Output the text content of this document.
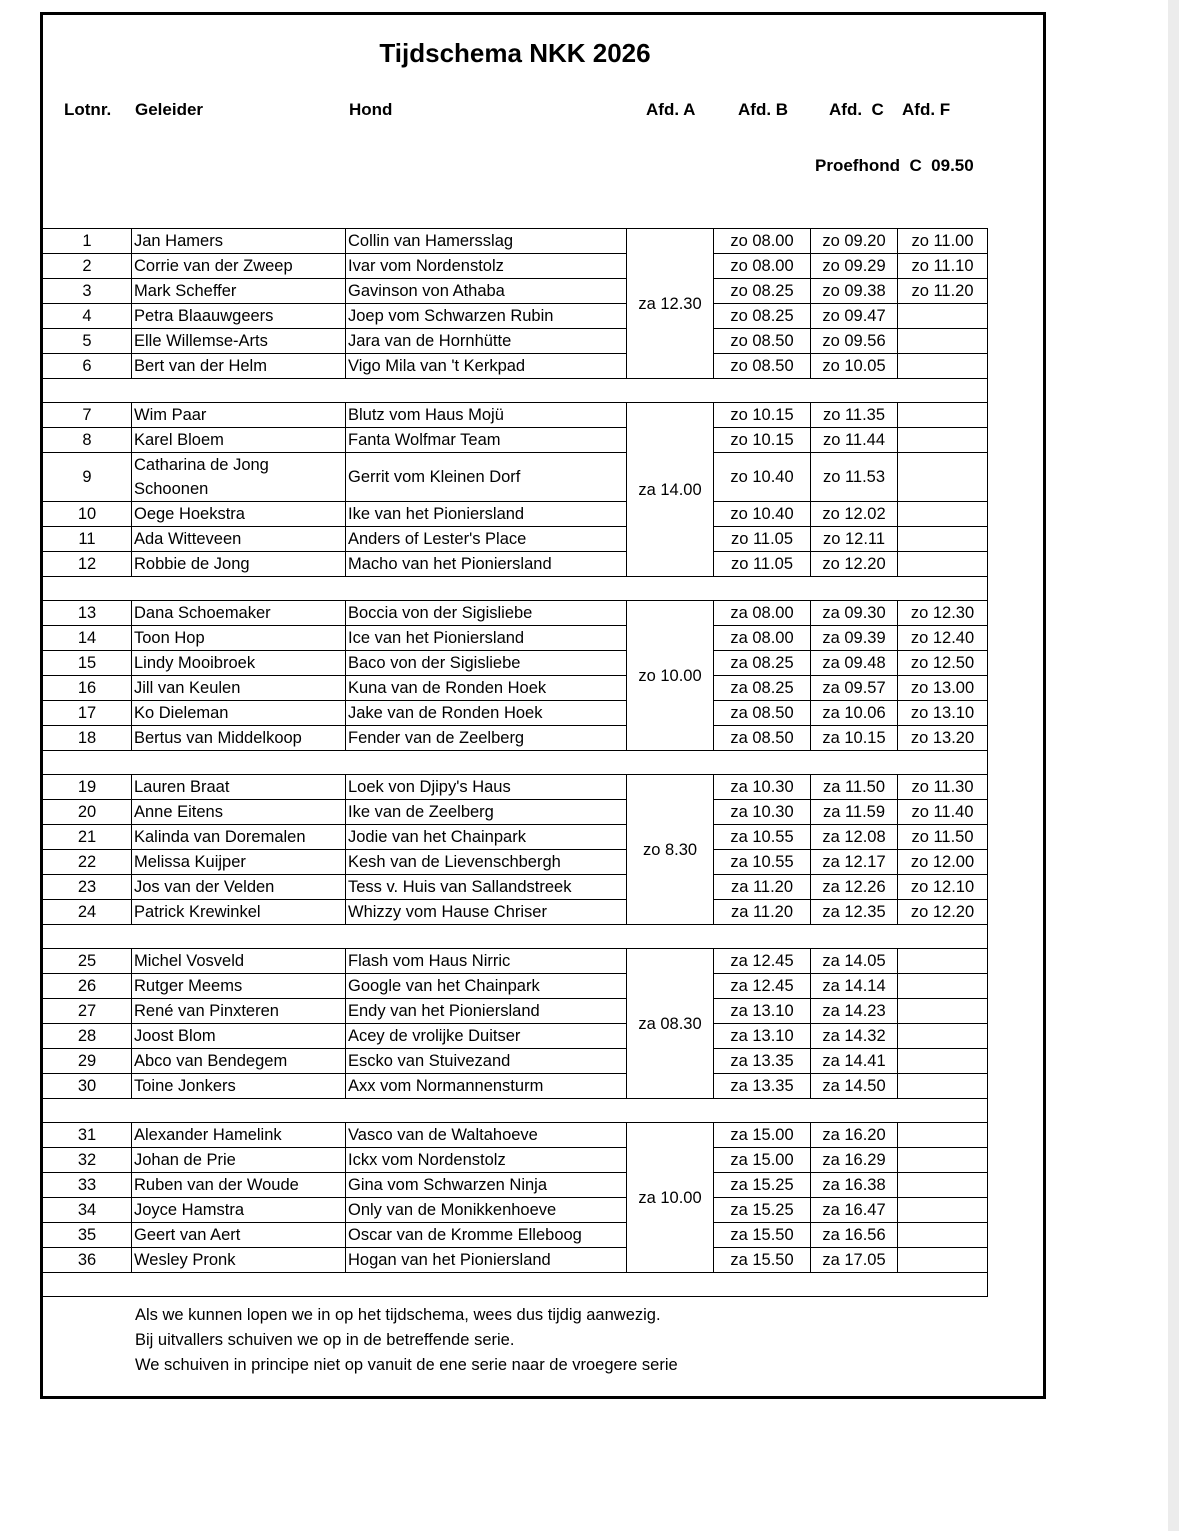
Tijdschema NKK 2026
Lotnr. Geleider	Hond	Afd. A	Afd. B Afd.  C Afd. F
Proefhond  C  09.50
1	Jan Hamers	Collin van Hamersslag	za 12.30	zo 08.00	zo 09.20	zo 11.00
2	Corrie van der Zweep	Ivar vom Nordenstolz		zo 08.00	zo 09.29	zo 11.10
3	Mark Scheffer	Gavinson von Athaba		zo 08.25	zo 09.38	zo 11.20
4	Petra Blaauwgeers	Joep vom Schwarzen Rubin		zo 08.25	zo 09.47	
5	Elle Willemse-Arts	Jara van de Hornhütte		zo 08.50	zo 09.56	
6	Bert van der Helm	Vigo Mila van 't Kerkpad		zo 08.50	zo 10.05	

7	Wim Paar	Blutz vom Haus Mojü	za 14.00	zo 10.15	zo 11.35	
8	Karel Bloem	Fanta Wolfmar Team		zo 10.15	zo 11.44	
9	Catharina de Jong Schoonen	Gerrit vom Kleinen Dorf		zo 10.40	zo 11.53	
10	Oege Hoekstra	Ike van het Pioniersland		zo 10.40	zo 12.02	
11	Ada Witteveen	Anders of Lester's Place		zo 11.05	zo 12.11	
12	Robbie de Jong	Macho van het Pioniersland		zo 11.05	zo 12.20	

13	Dana Schoemaker	Boccia von der Sigisliebe	zo 10.00	za 08.00	za 09.30	zo 12.30
14	Toon Hop	Ice van het Pioniersland		za 08.00	za 09.39	zo 12.40
15	Lindy Mooibroek	Baco von der Sigisliebe		za 08.25	za 09.48	zo 12.50
16	Jill van Keulen	Kuna van de Ronden Hoek		za 08.25	za 09.57	zo 13.00
17	Ko Dieleman	Jake van de Ronden Hoek		za 08.50	za 10.06	zo 13.10
18	Bertus van Middelkoop	Fender van de Zeelberg		za 08.50	za 10.15	zo 13.20

19	Lauren Braat	Loek von Djipy's Haus	zo 8.30	za 10.30	za 11.50	zo 11.30
20	Anne Eitens	Ike van de Zeelberg		za 10.30	za 11.59	zo 11.40
21	Kalinda van Doremalen	Jodie van het Chainpark		za 10.55	za 12.08	zo 11.50
22	Melissa Kuijper	Kesh van de Lievenschbergh		za 10.55	za 12.17	zo 12.00
23	Jos van der Velden	Tess v. Huis van Sallandstreek		za 11.20	za 12.26	zo 12.10
24	Patrick Krewinkel	Whizzy vom Hause Chriser		za 11.20	za 12.35	zo 12.20

25	Michel Vosveld	Flash vom Haus Nirric	za 08.30	za 12.45	za 14.05	
26	Rutger Meems	Google van het Chainpark		za 12.45	za 14.14	
27	René van Pinxteren	Endy van het Pioniersland		za 13.10	za 14.23	
28	Joost Blom	Acey de vrolijke Duitser		za 13.10	za 14.32	
29	Abco van Bendegem	Escko van Stuivezand		za 13.35	za 14.41	
30	Toine Jonkers	Axx vom Normannensturm		za 13.35	za 14.50	

31	Alexander Hamelink	Vasco van de Waltahoeve	za 10.00	za 15.00	za 16.20	
32	Johan de Prie	Ickx vom Nordenstolz		za 15.00	za 16.29	
33	Ruben van der Woude	Gina vom Schwarzen Ninja		za 15.25	za 16.38	
34	Joyce Hamstra	Only van de Monikkenhoeve		za 15.25	za 16.47	
35	Geert van Aert	Oscar van de Kromme Elleboog		za 15.50	za 16.56	
36	Wesley Pronk	Hogan van het Pioniersland		za 15.50	za 17.05	

Als we kunnen lopen we in op het tijdschema, wees dus tijdig aanwezig.
Bij uitvallers schuiven we op in de betreffende serie.
We schuiven in principe niet op vanuit de ene serie naar de vroegere serie						
